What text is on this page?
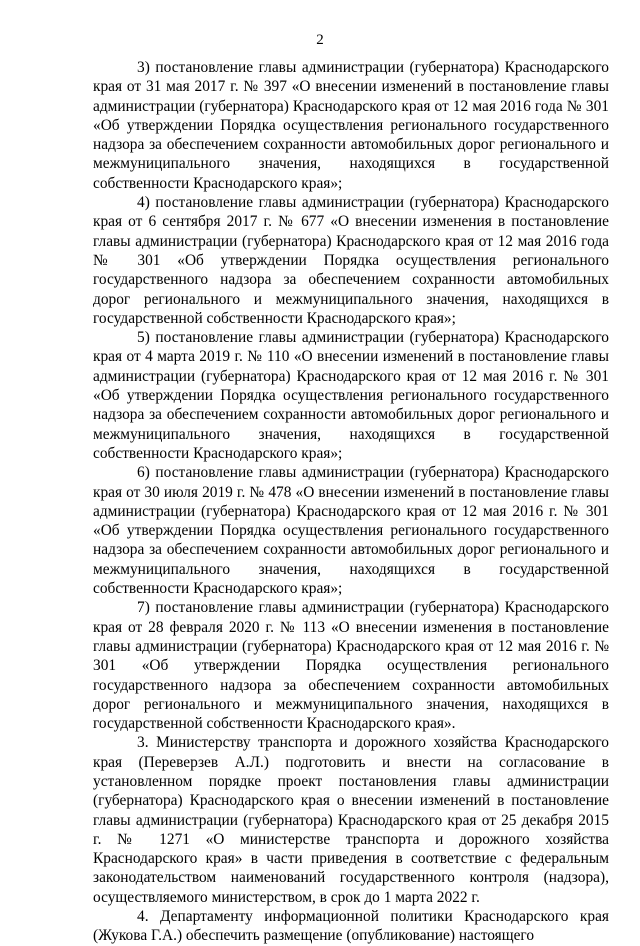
2

3) постановление главы администрации (губернатора) Краснодарского края от 31 мая 2017 г. № 397 «О внесении изменений в постановление главы администрации (губернатора) Краснодарского края от 12 мая 2016 года № 301 «Об утверждении Порядка осуществления регионального государственного надзора за обеспечением сохранности автомобильных дорог регионального и межмуниципального значения, находящихся в государственной собственности Краснодарского края»;

4) постановление главы администрации (губернатора) Краснодарского края от 6 сентября 2017 г. № 677 «О внесении изменения в постановление главы администрации (губернатора) Краснодарского края от 12 мая 2016 года № 301 «Об утверждении Порядка осуществления регионального государственного надзора за обеспечением сохранности автомобильных дорог регионального и межмуниципального значения, находящихся в государственной собственности Краснодарского края»;

5) постановление главы администрации (губернатора) Краснодарского края от 4 марта 2019 г. № 110 «О внесении изменений в постановление главы администрации (губернатора) Краснодарского края от 12 мая 2016 г. № 301 «Об утверждении Порядка осуществления регионального государственного надзора за обеспечением сохранности автомобильных дорог регионального и межмуниципального значения, находящихся в государственной собственности Краснодарского края»;

6) постановление главы администрации (губернатора) Краснодарского края от 30 июля 2019 г. № 478 «О внесении изменений в постановление главы администрации (губернатора) Краснодарского края от 12 мая 2016 г. № 301 «Об утверждении Порядка осуществления регионального государственного надзора за обеспечением сохранности автомобильных дорог регионального и межмуниципального значения, находящихся в государственной собственности Краснодарского края»;

7) постановление главы администрации (губернатора) Краснодарского края от 28 февраля 2020 г. № 113 «О внесении изменения в постановление главы администрации (губернатора) Краснодарского края от 12 мая 2016 г. № 301 «Об утверждении Порядка осуществления регионального государственного надзора за обеспечением сохранности автомобильных дорог регионального и межмуниципального значения, находящихся в государственной собственности Краснодарского края».

3. Министерству транспорта и дорожного хозяйства Краснодарского края (Переверзев А.Л.) подготовить и внести на согласование в установленном порядке проект постановления главы администрации (губернатора) Краснодарского края о внесении изменений в постановление главы администрации (губернатора) Краснодарского края от 25 декабря 2015 г. № 1271 «О министерстве транспорта и дорожного хозяйства Краснодарского края» в части приведения в соответствие с федеральным законодательством наименований государственного контроля (надзора), осуществляемого министерством, в срок до 1 марта 2022 г.

4. Департаменту информационной политики Краснодарского края (Жукова Г.А.) обеспечить размещение (опубликование) настоящего
